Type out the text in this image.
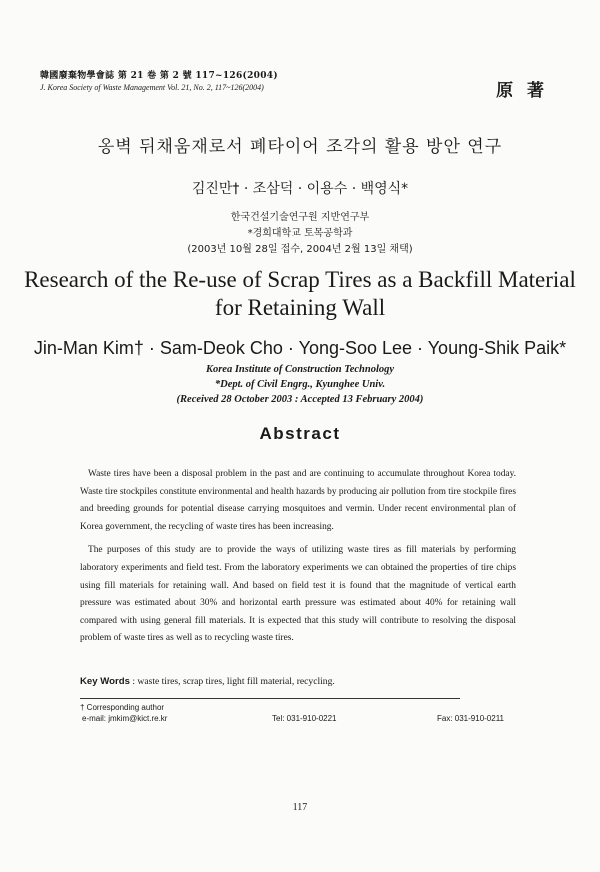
韓國廢棄物學會誌 第 21 卷 第 2 號 117~126(2004)
J. Korea Society of Waste Management Vol. 21, No. 2, 117~126(2004)	原 著
옹벽 뒤채움재로서 폐타이어 조각의 활용 방안 연구
김진만† · 조삼덕 · 이용수 · 백영식*
한국건설기술연구원 지반연구부
*경희대학교 토목공학과
(2003년 10월 28일 접수, 2004년 2월 13일 채택)
Research of the Re-use of Scrap Tires as a Backfill Material
for Retaining Wall
Jin-Man Kim† · Sam-Deok Cho · Yong-Soo Lee · Young-Shik Paik*
Korea Institute of Construction Technology
*Dept. of Civil Engrg., Kyunghee Univ.
(Received 28 October 2003 : Accepted 13 February 2004)
Abstract

Waste tires have been a disposal problem in the past and are continuing to accumulate throughout Korea today. Waste tire stockpiles constitute environmental and health hazards by producing air pollution from tire stockpile fires and breeding grounds for potential disease carrying mosquitoes and vermin. Under recent environmental plan of Korea government, the recycling of waste tires has been increasing.

The purposes of this study are to provide the ways of utilizing waste tires as fill materials by performing laboratory experiments and field test. From the laboratory experiments we can obtained the properties of tire chips using fill materials for retaining wall. And based on field test it is found that the magnitude of vertical earth pressure was estimated about 30% and horizontal earth pressure was estimated about 40% for retaining wall compared with using general fill materials. It is expected that this study will contribute to resolving the disposal problem of waste tires as well as to recycling waste tires.

Key Words : waste tires, scrap tires, light fill material, recycling.
† Corresponding author
e-mail: jmkim@kict.re.kr	Tel: 031-910-0221	Fax: 031-910-0211
117
